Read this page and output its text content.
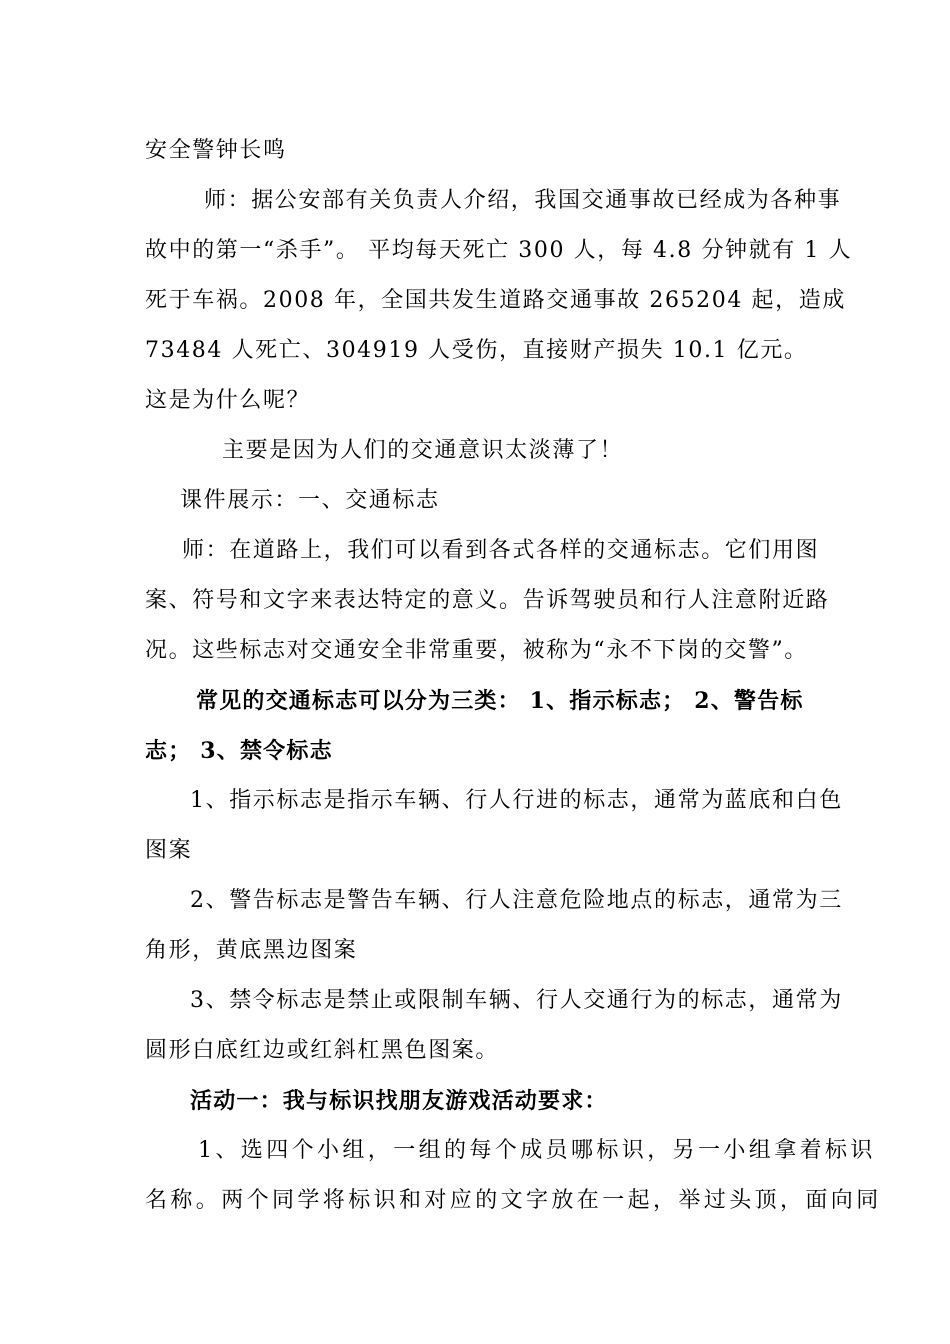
安全警钟长鸣
师：据公安部有关负责人介绍，我国交通事故已经成为各种事
故中的第一“杀手”。 平均每天死亡 300 人，每 4.8 分钟就有 1 人
死于车祸。2008 年，全国共发生道路交通事故 265204 起，造成
73484 人死亡、304919 人受伤，直接财产损失 10.1 亿元。
这是为什么呢？
主要是因为人们的交通意识太淡薄了！
课件展示：一、交通标志
师：在道路上，我们可以看到各式各样的交通标志。它们用图
案、符号和文字来表达特定的意义。告诉驾驶员和行人注意附近路
况。这些标志对交通安全非常重要，被称为“永不下岗的交警”。
常见的交通标志可以分为三类： 1、指示标志； 2、警告标
志； 3、禁令标志
1、指示标志是指示车辆、行人行进的标志，通常为蓝底和白色
图案
2、警告标志是警告车辆、行人注意危险地点的标志，通常为三
角形，黄底黑边图案
3、禁令标志是禁止或限制车辆、行人交通行为的标志，通常为
圆形白底红边或红斜杠黑色图案。
活动一：我与标识找朋友游戏活动要求：
1、选四个小组，一组的每个成员哪标识，另一小组拿着标识
名称。两个同学将标识和对应的文字放在一起，举过头顶，面向同
